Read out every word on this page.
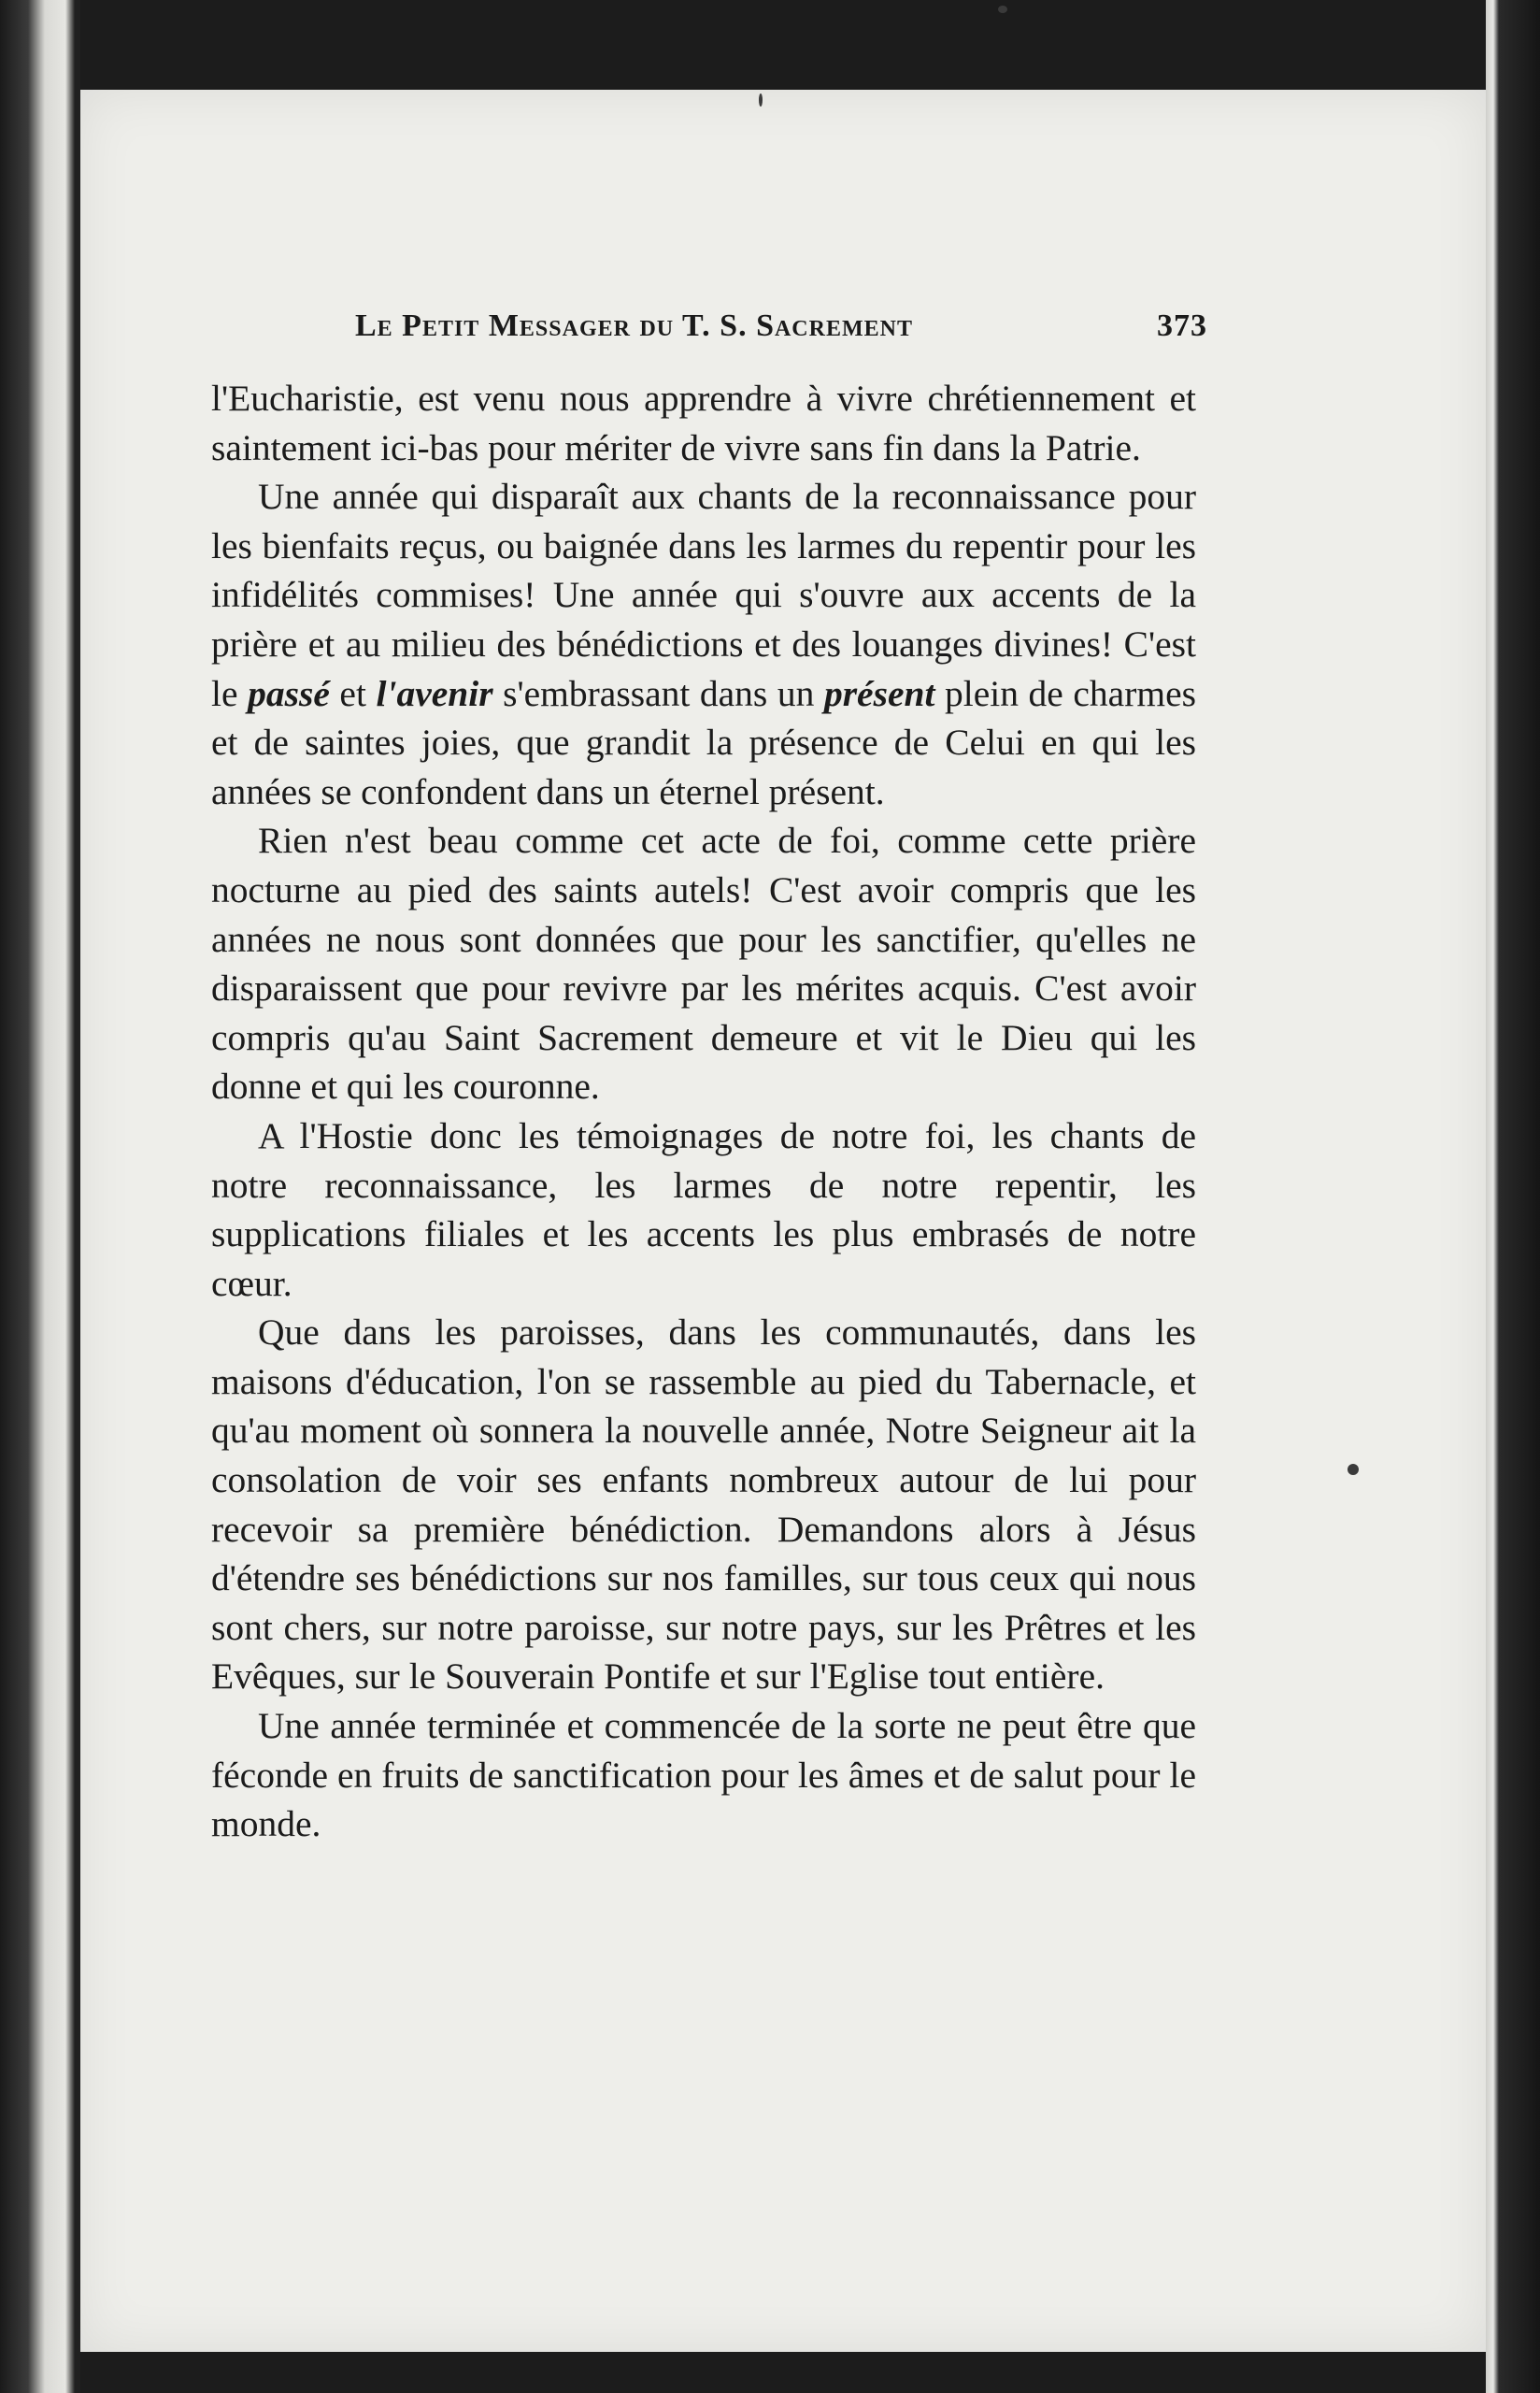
Le Petit Messager du T. S. Sacrement	373

l'Eucharistie, est venu nous apprendre à vivre chrétiennement et saintement ici-bas pour mériter de vivre sans fin dans la Patrie.

Une année qui disparaît aux chants de la reconnaissance pour les bienfaits reçus, ou baignée dans les larmes du repentir pour les infidélités commises! Une année qui s'ouvre aux accents de la prière et au milieu des bénédictions et des louanges divines! C'est le passé et l'avenir s'embrassant dans un présent plein de charmes et de saintes joies, que grandit la présence de Celui en qui les années se confondent dans un éternel présent.

Rien n'est beau comme cet acte de foi, comme cette prière nocturne au pied des saints autels! C'est avoir compris que les années ne nous sont données que pour les sanctifier, qu'elles ne disparaissent que pour revivre par les mérites acquis. C'est avoir compris qu'au Saint Sacrement demeure et vit le Dieu qui les donne et qui les couronne.

A l'Hostie donc les témoignages de notre foi, les chants de notre reconnaissance, les larmes de notre repentir, les supplications filiales et les accents les plus embrasés de notre cœur.

Que dans les paroisses, dans les communautés, dans les maisons d'éducation, l'on se rassemble au pied du Tabernacle, et qu'au moment où sonnera la nouvelle année, Notre Seigneur ait la consolation de voir ses enfants nombreux autour de lui pour recevoir sa première bénédiction. Demandons alors à Jésus d'étendre ses bénédictions sur nos familles, sur tous ceux qui nous sont chers, sur notre paroisse, sur notre pays, sur les Prêtres et les Evêques, sur le Souverain Pontife et sur l'Eglise tout entière.

Une année terminée et commencée de la sorte ne peut être que féconde en fruits de sanctification pour les âmes et de salut pour le monde.
